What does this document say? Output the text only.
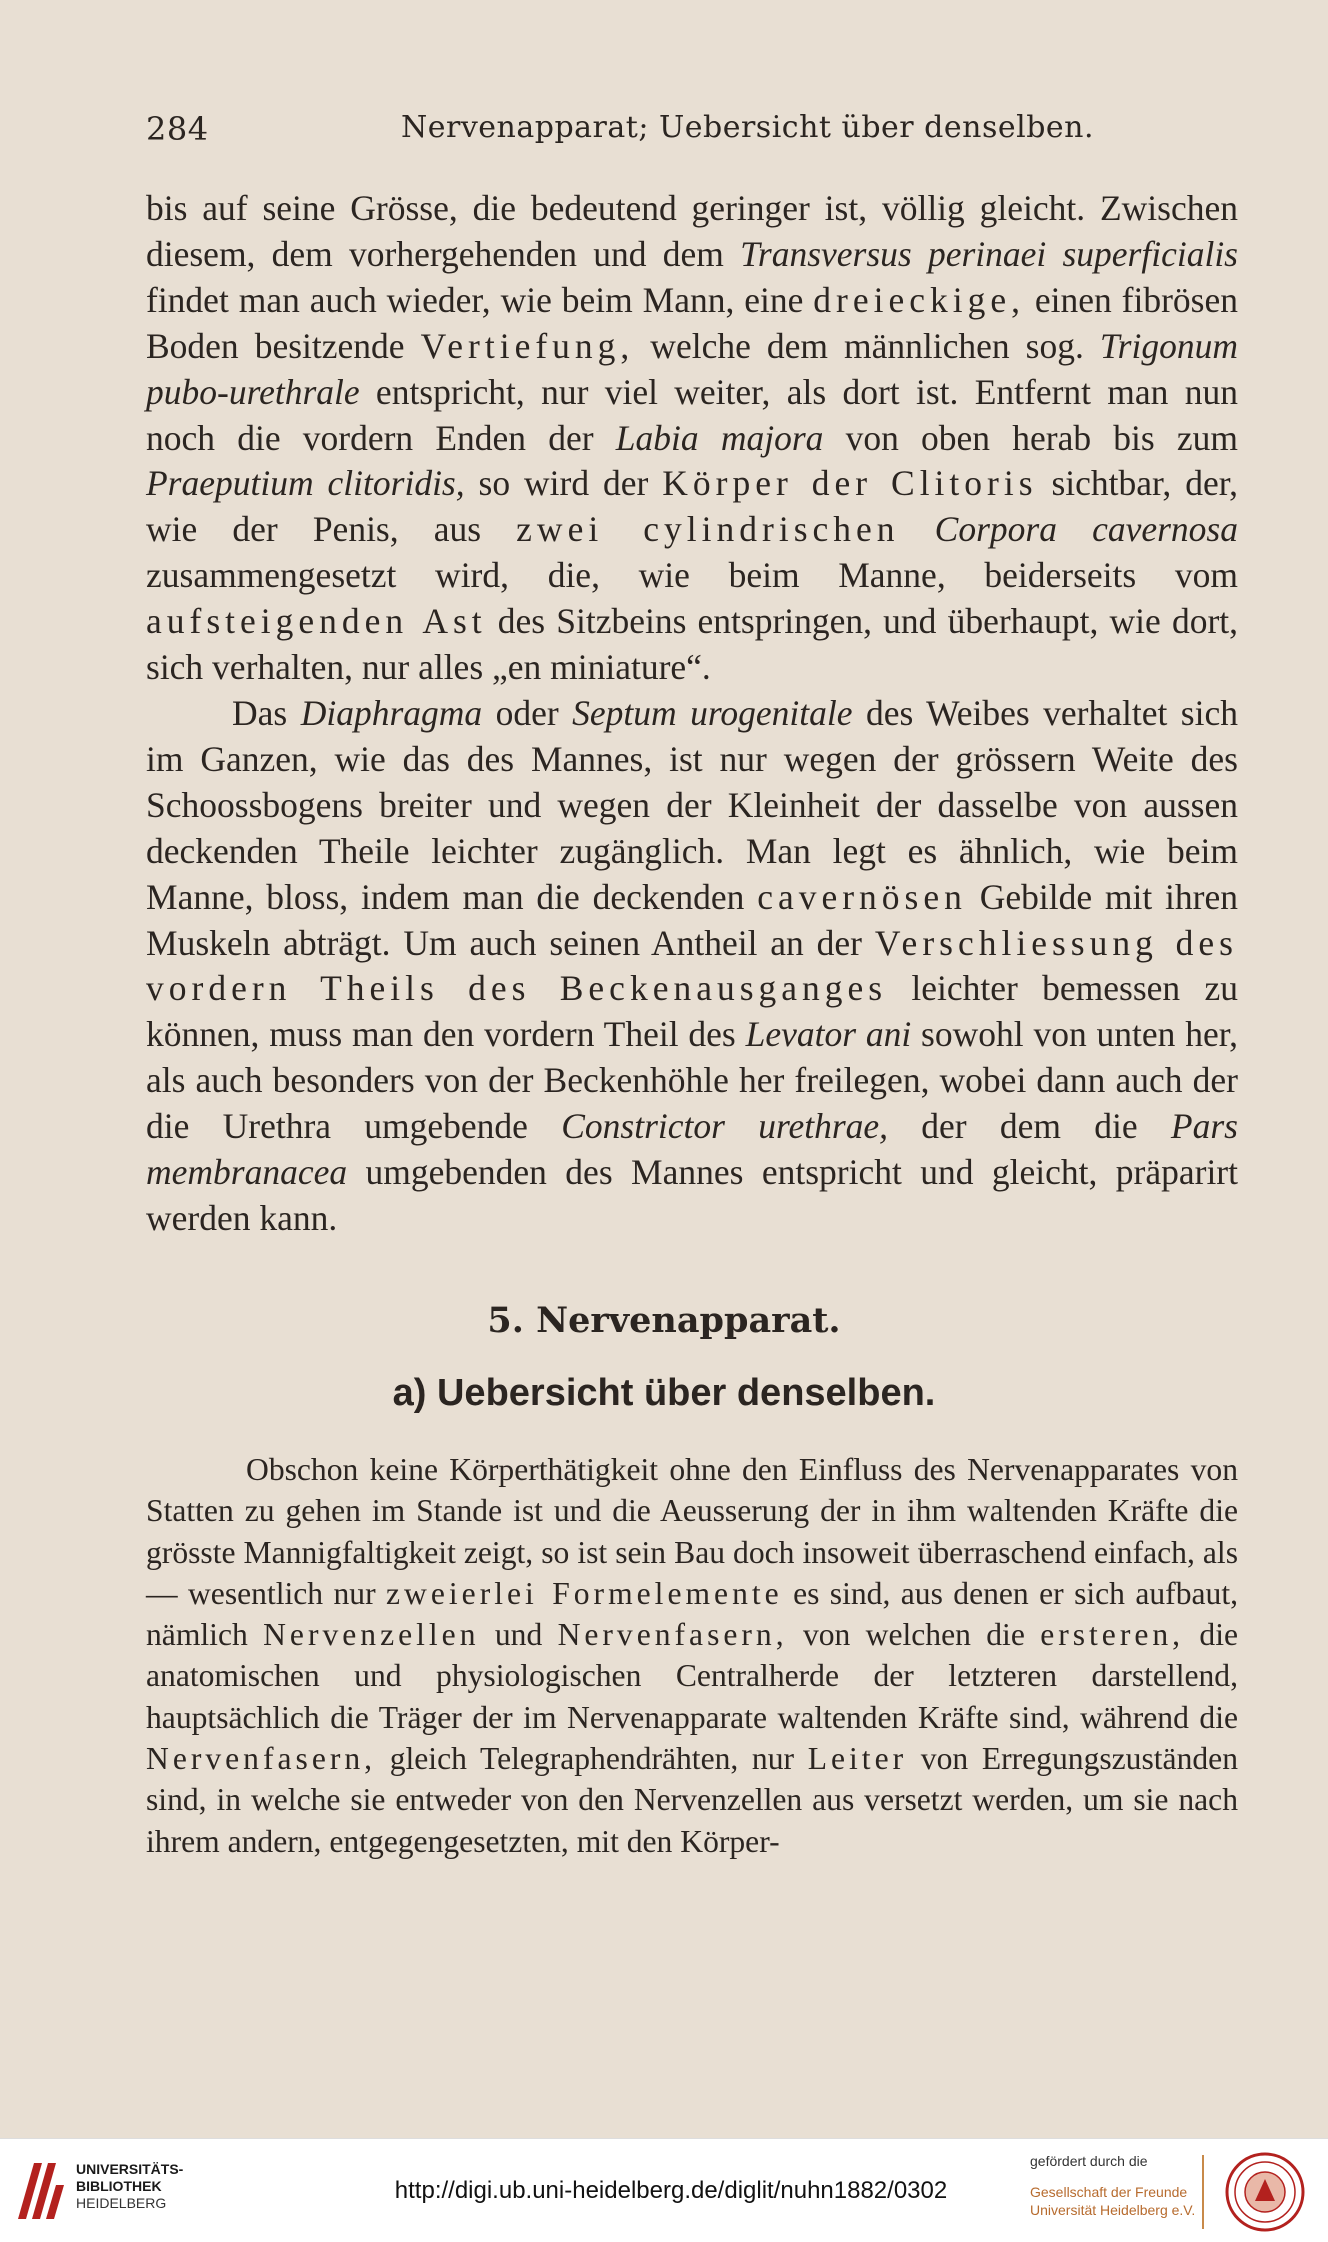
284	Nervenapparat; Uebersicht über denselben.

bis auf seine Grösse, die bedeutend geringer ist, völlig gleicht. Zwischen diesem, dem vorhergehenden und dem Transversus perinaei superficialis findet man auch wieder, wie beim Mann, eine dreieckige, einen fibrösen Boden besitzende Vertiefung, welche dem männlichen sog. Trigonum pubo-urethrale entspricht, nur viel weiter, als dort ist. Entfernt man nun noch die vordern Enden der Labia majora von oben herab bis zum Praeputium clitoridis, so wird der Körper der Clitoris sichtbar, der, wie der Penis, aus zwei cylindrischen Corpora cavernosa zusammengesetzt wird, die, wie beim Manne, beiderseits vom aufsteigenden Ast des Sitzbeins entspringen, und überhaupt, wie dort, sich verhalten, nur alles „en miniature“.

Das Diaphragma oder Septum urogenitale des Weibes verhaltet sich im Ganzen, wie das des Mannes, ist nur wegen der grössern Weite des Schoossbogens breiter und wegen der Kleinheit der dasselbe von aussen deckenden Theile leichter zugänglich. Man legt es ähnlich, wie beim Manne, bloss, indem man die deckenden cavernösen Gebilde mit ihren Muskeln abträgt. Um auch seinen Antheil an der Verschliessung des vordern Theils des Beckenausganges leichter bemessen zu können, muss man den vordern Theil des Levator ani sowohl von unten her, als auch besonders von der Beckenhöhle her freilegen, wobei dann auch der die Urethra umgebende Constrictor urethrae, der dem die Pars membranacea umgebenden des Mannes entspricht und gleicht, präparirt werden kann.

5. Nervenapparat.
a) Uebersicht über denselben.

Obschon keine Körperthätigkeit ohne den Einfluss des Nervenapparates von Statten zu gehen im Stande ist und die Aeusserung der in ihm waltenden Kräfte die grösste Mannigfaltigkeit zeigt, so ist sein Bau doch insoweit überraschend einfach, als — wesentlich nur zweierlei Formelemente es sind, aus denen er sich aufbaut, nämlich Nervenzellen und Nervenfasern, von welchen die ersteren, die anatomischen und physiologischen Centralherde der letzteren darstellend, hauptsächlich die Träger der im Nervenapparate waltenden Kräfte sind, während die Nervenfasern, gleich Telegraphendrähten, nur Leiter von Erregungszuständen sind, in welche sie entweder von den Nervenzellen aus versetzt werden, um sie nach ihrem andern, entgegengesetzten, mit den Körper-

UNIVERSITÄTS-
BIBLIOTHEK
HEIDELBERG	http://digi.ub.uni-heidelberg.de/diglit/nuhn1882/0302
gefördert durch die
Gesellschaft der Freunde
Universität Heidelberg e.V.
